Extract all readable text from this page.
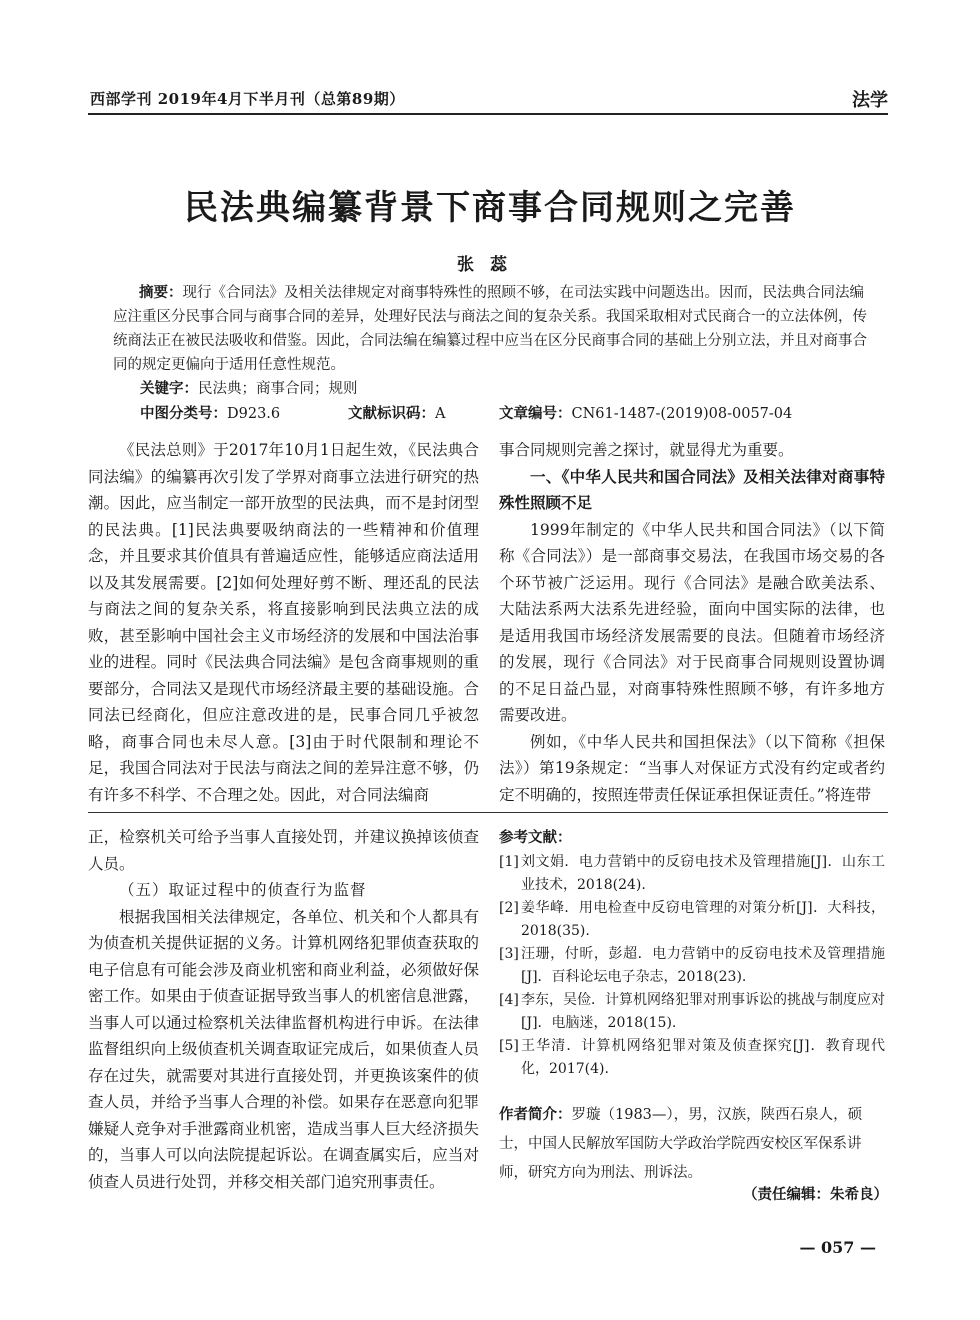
西部学刊 2019年4月下半月刊（总第89期）	法学
民法典编纂背景下商事合同规则之完善
张蕊
摘要：现行《合同法》及相关法律规定对商事特殊性的照顾不够，在司法实践中问题迭出。因而，民法典合同法编应注重区分民事合同与商事合同的差异，处理好民法与商法之间的复杂关系。我国采取相对式民商合一的立法体例，传统商法正在被民法吸收和借鉴。因此，合同法编在编纂过程中应当在区分民商事合同的基础上分别立法，并且对商事合同的规定更偏向于适用任意性规范。
关键字：民法典；商事合同；规则
中图分类号：D923.6	文献标识码：A	文章编号：CN61-1487-(2019)08-0057-04

《民法总则》于2017年10月1日起生效，《民法典合同法编》的编纂再次引发了学界对商事立法进行研究的热潮。因此，应当制定一部开放型的民法典，而不是封闭型的民法典。[1]民法典要吸纳商法的一些精神和价值理念，并且要求其价值具有普遍适应性，能够适应商法适用以及其发展需要。[2]如何处理好剪不断、理还乱的民法与商法之间的复杂关系，将直接影响到民法典立法的成败，甚至影响中国社会主义市场经济的发展和中国法治事业的进程。同时《民法典合同法编》是包含商事规则的重要部分，合同法又是现代市场经济最主要的基础设施。合同法已经商化，但应注意改进的是，民事合同几乎被忽略，商事合同也未尽人意。[3]由于时代限制和理论不足，我国合同法对于民法与商法之间的差异注意不够，仍有许多不科学、不合理之处。因此，对合同法编商

事合同规则完善之探讨，就显得尤为重要。

一、《中华人民共和国合同法》及相关法律对商事特殊性照顾不足

1999年制定的《中华人民共和国合同法》（以下简称《合同法》）是一部商事交易法，在我国市场交易的各个环节被广泛运用。现行《合同法》是融合欧美法系、大陆法系两大法系先进经验，面向中国实际的法律，也是适用我国市场经济发展需要的良法。但随着市场经济的发展，现行《合同法》对于民商事合同规则设置协调的不足日益凸显，对商事特殊性照顾不够，有许多地方需要改进。

例如，《中华人民共和国担保法》（以下简称《担保法》）第19条规定：“当事人对保证方式没有约定或者约定不明确的，按照连带责任保证承担保证责任。”将连带

正，检察机关可给予当事人直接处罚，并建议换掉该侦查人员。
（五）取证过程中的侦查行为监督

根据我国相关法律规定，各单位、机关和个人都具有为侦查机关提供证据的义务。计算机网络犯罪侦查获取的电子信息有可能会涉及商业机密和商业利益，必须做好保密工作。如果由于侦查证据导致当事人的机密信息泄露，当事人可以通过检察机关法律监督机构进行申诉。在法律监督组织向上级侦查机关调查取证完成后，如果侦查人员存在过失，就需要对其进行直接处罚，并更换该案件的侦查人员，并给予当事人合理的补偿。如果存在恶意向犯罪嫌疑人竞争对手泄露商业机密，造成当事人巨大经济损失的，当事人可以向法院提起诉讼。在调查属实后，应当对侦查人员进行处罚，并移交相关部门追究刑事责任。

参考文献：
[1] 刘文娟．电力营销中的反窃电技术及管理措施[J]．山东工业技术，2018(24).
[2] 姜华峰．用电检查中反窃电管理的对策分析[J]．大科技，2018(35).
[3] 汪珊，付昕，彭超．电力营销中的反窃电技术及管理措施[J]．百科论坛电子杂志，2018(23).
[4] 李东，吴俭．计算机网络犯罪对刑事诉讼的挑战与制度应对[J]．电脑迷，2018(15).
[5] 王华清．计算机网络犯罪对策及侦查探究[J]．教育现代化，2017(4).
作者简介：罗璇（1983—），男，汉族，陕西石泉人，硕士，中国人民解放军国防大学政治学院西安校区军保系讲师，研究方向为刑法、刑诉法。
（责任编辑：朱希良）
— 057 —
